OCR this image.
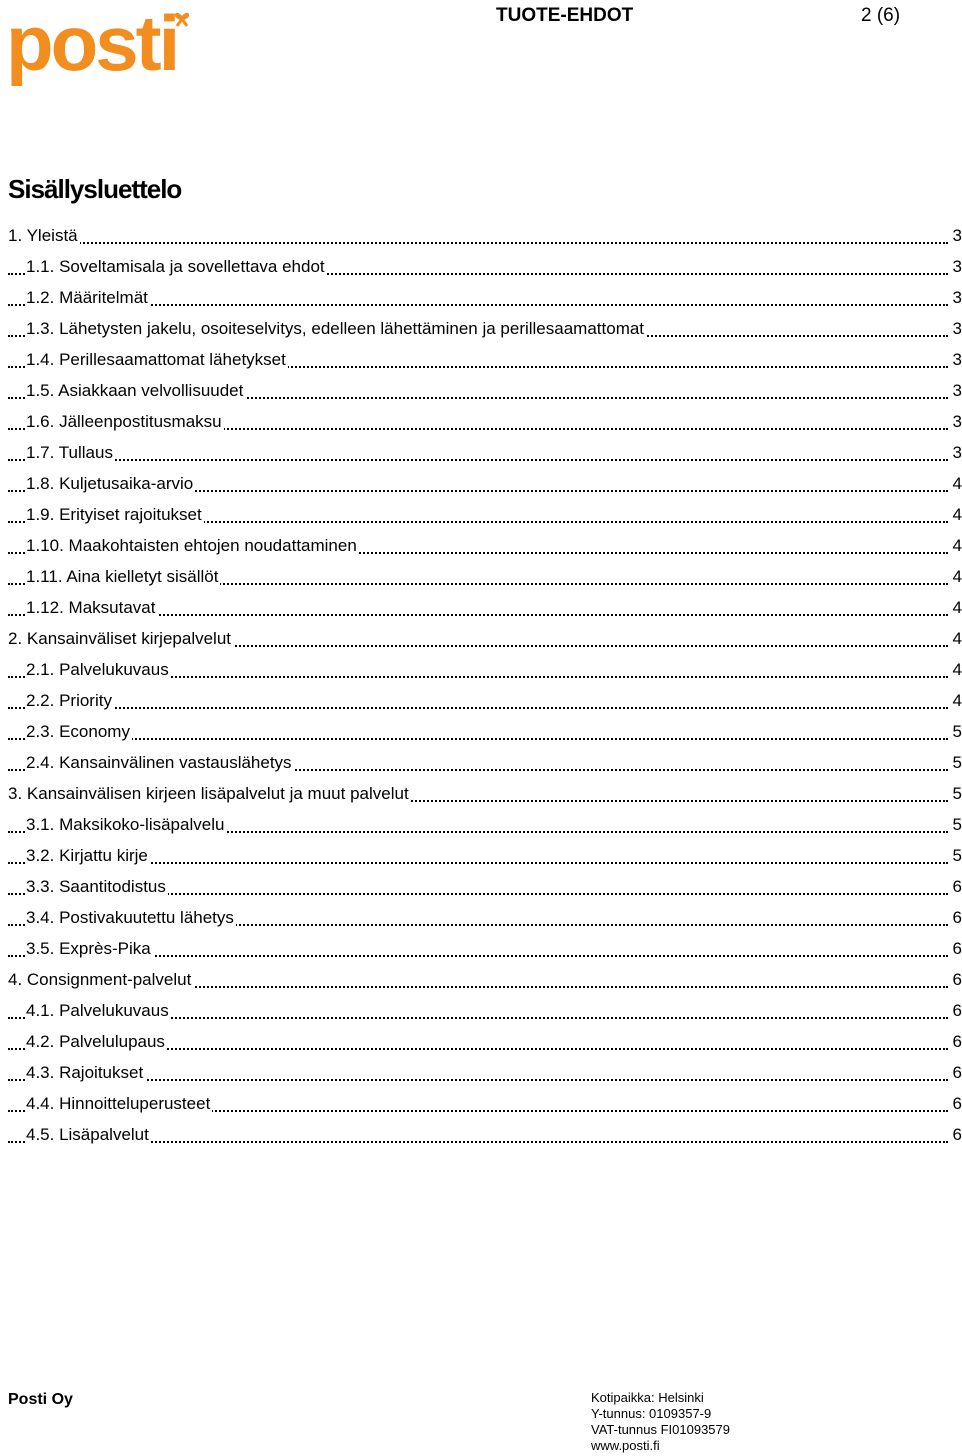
posti	TUOTE-EHDOT	2 (6)
Sisällysluettelo
1. Yleistä	3
1.1. Soveltamisala ja sovellettava ehdot	3
1.2. Määritelmät	3
1.3. Lähetysten jakelu, osoiteselvitys, edelleen lähettäminen ja perillesaamattomat	3
1.4. Perillesaamattomat lähetykset	3
1.5. Asiakkaan velvollisuudet	3
1.6. Jälleenpostitusmaksu	3
1.7. Tullaus	3
1.8. Kuljetusaika-arvio	4
1.9. Erityiset rajoitukset	4
1.10. Maakohtaisten ehtojen noudattaminen	4
1.11. Aina kielletyt sisällöt	4
1.12. Maksutavat	4
2. Kansainväliset kirjepalvelut	4
2.1. Palvelukuvaus	4
2.2. Priority	4
2.3. Economy	5
2.4. Kansainvälinen vastauslähetys	5
3. Kansainvälisen kirjeen lisäpalvelut ja muut palvelut	5
3.1. Maksikoko-lisäpalvelu	5
3.2. Kirjattu kirje	5
3.3. Saantitodistus	6
3.4. Postivakuutettu lähetys	6
3.5. Exprès-Pika	6
4. Consignment-palvelut	6
4.1. Palvelukuvaus	6
4.2. Palvelulupaus	6
4.3. Rajoitukset	6
4.4. Hinnoitteluperusteet	6
4.5. Lisäpalvelut	6
Posti Oy	Kotipaikka: Helsinki
Y-tunnus: 0109357-9
VAT-tunnus FI01093579
www.posti.fi
